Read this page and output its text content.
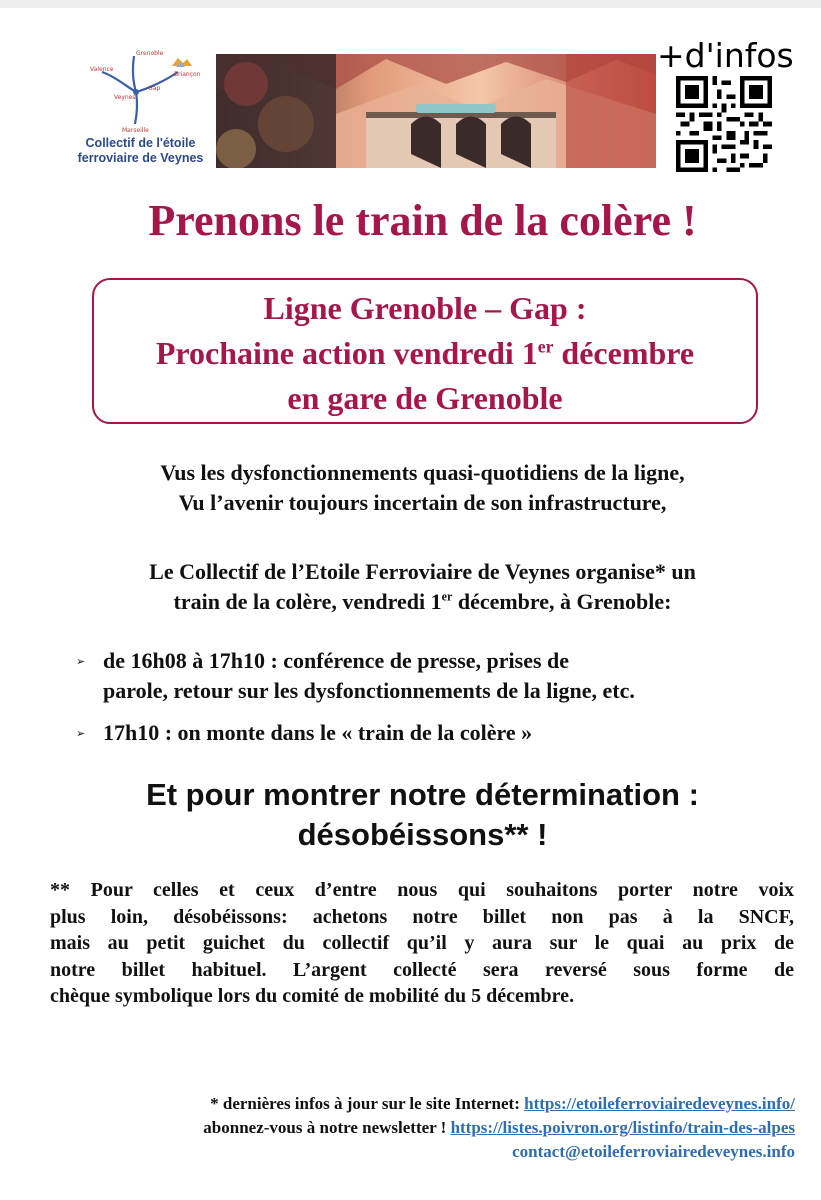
Grenoble
Valence
Briançon
Veynes
Gap
Marseille
Collectif de l'étoile
ferroviaire de Veynes
+d'infos
Prenons le train de la colère !
Ligne Grenoble – Gap :
Prochaine action vendredi 1er décembre
en gare de Grenoble
Vus les dysfonctionnements quasi-quotidiens de la ligne,
Vu l’avenir toujours incertain de son infrastructure,
Le Collectif de l’Etoile Ferroviaire de Veynes organise* un
train de la colère, vendredi 1er décembre, à Grenoble:
➢ de 16h08 à 17h10 : conférence de presse, prises de
parole, retour sur les dysfonctionnements de la ligne, etc.
➢ 17h10 : on monte dans le « train de la colère »
Et pour montrer notre détermination :
désobéissons** !
** Pour celles et ceux d’entre nous qui souhaitons porter notre voix
plus loin, désobéissons: achetons notre billet non pas à la SNCF,
mais au petit guichet du collectif qu’il y aura sur le quai au prix de
notre billet habituel. L’argent collecté sera reversé sous forme de
chèque symbolique lors du comité de mobilité du 5 décembre.
* dernières infos à jour sur le site Internet: https://etoileferroviairedeveynes.info/
abonnez-vous à notre newsletter ! https://listes.poivron.org/listinfo/train-des-alpes
contact@etoileferroviairedeveynes.info
